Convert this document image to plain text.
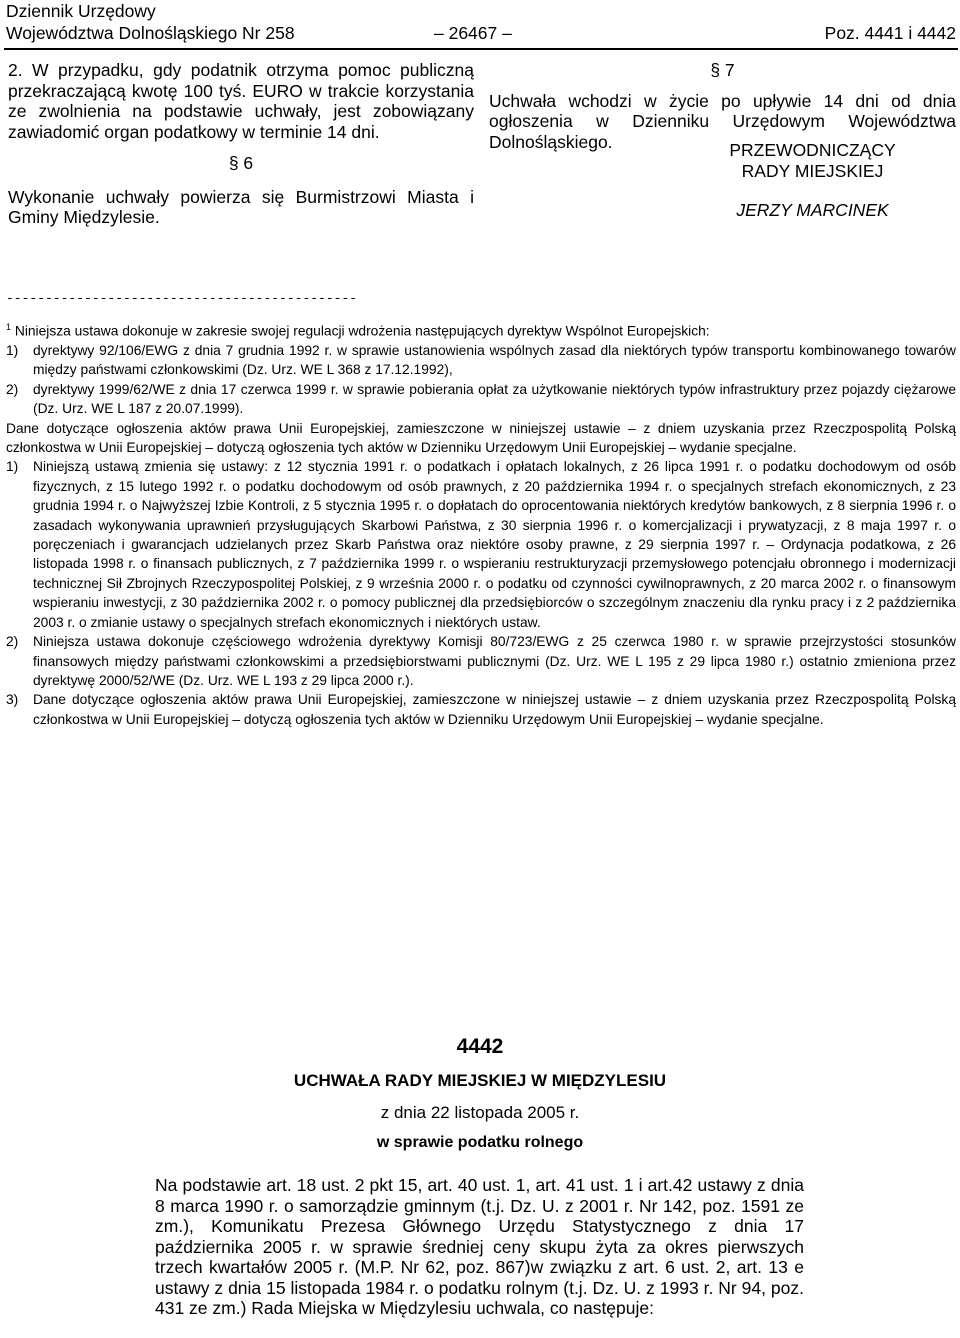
Dziennik Urzędowy
Województwa Dolnośląskiego Nr 258	– 26467 –	Poz. 4441 i 4442
2. W przypadku, gdy podatnik otrzyma pomoc publiczną przekraczającą kwotę 100 tyś. EURO w trakcie korzystania ze zwolnienia na podstawie uchwały, jest zobowiązany zawiadomić organ podatkowy w terminie 14 dni.
§ 6
Wykonanie uchwały powierza się Burmistrzowi Miasta i Gminy Międzylesie.
§ 7
Uchwała wchodzi w życie po upływie 14 dni od dnia ogłoszenia w Dzienniku Urzędowym Województwa Dolnośląskiego.	PRZEWODNICZĄCY
RADY MIEJSKIEJ
JERZY MARCINEK
---------------------------------------------
$^1$ Niniejsza ustawa dokonuje w zakresie swojej regulacji wdrożenia następujących dyrektyw Wspólnot Europejskich:
1)	dyrektywy 92/106/EWG z dnia 7 grudnia 1992 r. w sprawie ustanowienia wspólnych zasad dla niektórych typów transportu kombinowanego towarów między państwami członkowskimi (Dz. Urz. WE L 368 z 17.12.1992),
2)	dyrektywy 1999/62/WE z dnia 17 czerwca 1999 r. w sprawie pobierania opłat za użytkowanie niektórych typów infrastruktury przez pojazdy ciężarowe (Dz. Urz. WE L 187 z 20.07.1999).
Dane dotyczące ogłoszenia aktów prawa Unii Europejskiej, zamieszczone w niniejszej ustawie – z dniem uzyskania przez Rzeczpospolitą Polską członkostwa w Unii Europejskiej – dotyczą ogłoszenia tych aktów w Dzienniku Urzędowym Unii Europejskiej – wydanie specjalne.
1)	Niniejszą ustawą zmienia się ustawy: z 12 stycznia 1991 r. o podatkach i opłatach lokalnych, z 26 lipca 1991 r. o podatku dochodowym od osób fizycznych, z 15 lutego 1992 r. o podatku dochodowym od osób prawnych, z 20 października 1994 r. o specjalnych strefach ekonomicznych, z 23 grudnia 1994 r. o Najwyższej Izbie Kontroli, z 5 stycznia 1995 r. o dopłatach do oprocentowania niektórych kredytów bankowych, z 8 sierpnia 1996 r. o zasadach wykonywania uprawnień przysługujących Skarbowi Państwa, z 30 sierpnia 1996 r. o komercjalizacji i prywatyzacji, z 8 maja 1997 r. o poręczeniach i gwarancjach udzielanych przez Skarb Państwa oraz niektóre osoby prawne, z 29 sierpnia 1997 r. – Ordynacja podatkowa, z 26 listopada 1998 r. o finansach publicznych, z 7 października 1999 r. o wspieraniu restrukturyzacji przemysłowego potencjału obronnego i modernizacji technicznej Sił Zbrojnych Rzeczypospolitej Polskiej, z 9 września 2000 r. o podatku od czynności cywilnoprawnych, z 20 marca 2002 r. o finansowym wspieraniu inwestycji, z 30 października 2002 r. o pomocy publicznej dla przedsiębiorców o szczególnym znaczeniu dla rynku pracy i z 2 października 2003 r. o zmianie ustawy o specjalnych strefach ekonomicznych i niektórych ustaw.
2)	Niniejsza ustawa dokonuje częściowego wdrożenia dyrektywy Komisji 80/723/EWG z 25 czerwca 1980 r. w sprawie przejrzystości stosunków finansowych między państwami członkowskimi a przedsiębiorstwami publicznymi (Dz. Urz. WE L 195 z 29 lipca 1980 r.) ostatnio zmieniona przez dyrektywę 2000/52/WE (Dz. Urz. WE L 193 z 29 lipca 2000 r.).
3)	Dane dotyczące ogłoszenia aktów prawa Unii Europejskiej, zamieszczone w niniejszej ustawie – z dniem uzyskania przez Rzeczpospolitą Polską członkostwa w Unii Europejskiej – dotyczą ogłoszenia tych aktów w Dzienniku Urzędowym Unii Europejskiej – wydanie specjalne.
4442
UCHWAŁA RADY MIEJSKIEJ W MIĘDZYLESIU
z dnia 22 listopada 2005 r.
w sprawie podatku rolnego
Na podstawie art. 18 ust. 2 pkt 15, art. 40 ust. 1, art. 41 ust. 1 i art.42 ustawy z dnia 8 marca 1990 r. o samorządzie gminnym (t.j. Dz. U. z 2001 r. Nr 142, poz. 1591 ze zm.), Komunikatu Prezesa Głównego Urzędu Statystycznego z dnia 17 października 2005 r. w sprawie średniej ceny skupu żyta za okres pierwszych trzech kwartałów 2005 r. (M.P. Nr 62, poz. 867)w związku z art. 6 ust. 2, art. 13 e ustawy z dnia 15 listopada 1984 r. o podatku rolnym (t.j. Dz. U. z 1993 r. Nr 94, poz. 431 ze zm.) Rada Miejska w Międzylesiu uchwala, co następuje:
